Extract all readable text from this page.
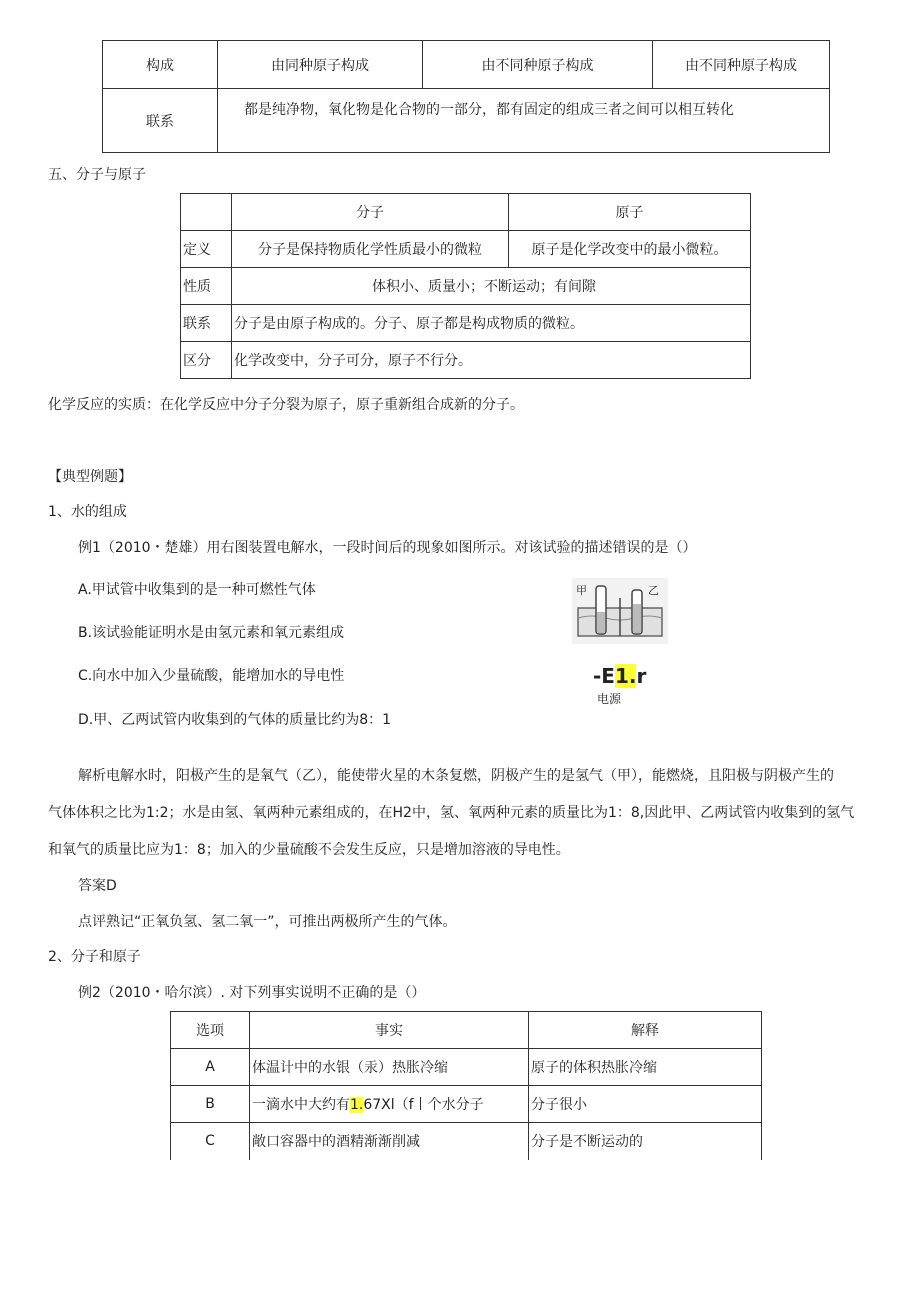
构成	由同种原子构成	由不同种原子构成	由不同种原子构成
联系	都是纯净物，氧化物是化合物的一部分，都有固定的组成三者之间可以相互转化		
五、分子与原子
	分子	原子
定义	分子是保持物质化学性质最小的微粒	原子是化学改变中的最小微粒。
性质	体积小、质量小；不断运动；有间隙	
联系	分子是由原子构成的。分子、原子都是构成物质的微粒。	
区分	化学改变中，分子可分，原子不行分。	
化学反应的实质：在化学反应中分子分裂为原子，原子重新组合成新的分子。
【典型例题】
1、水的组成
例1（2010・楚雄）用右图装置电解水，一段时间后的现象如图所示。对该试验的描述错误的是（）
A.甲试管中收集到的是一种可燃性气体
B.该试验能证明水是由氢元素和氧元素组成
C.向水中加入少量硫酸，能增加水的导电性
D.甲、乙两试管内收集到的气体的质量比约为8：1
甲	乙
-E1.r
电源
解析电解水时，阳极产生的是氧气（乙），能使带火星的木条复燃，阴极产生的是氢气（甲），能燃烧，且阳极与阴极产生的
气体体积之比为1:2；水是由氢、氧两种元素组成的，在H2中，氢、氧两种元素的质量比为1：8,因此甲、乙两试管内收集到的氢气
和氧气的质量比应为1：8；加入的少量硫酸不会发生反应，只是增加溶液的导电性。
答案D
点评熟记“正氧负氢、氢二氧一”，可推出两极所产生的气体。
2、分子和原子
例2（2010・哈尔滨）. 对下列事实说明不正确的是（）
选项	事实	解释
A	体温计中的水银（汞）热胀冷缩	原子的体积热胀冷缩
B	一滴水中大约有1.67Xl（f丨个水分子	分子很小
C	敞口容器中的酒精渐渐削减	分子是不断运动的
